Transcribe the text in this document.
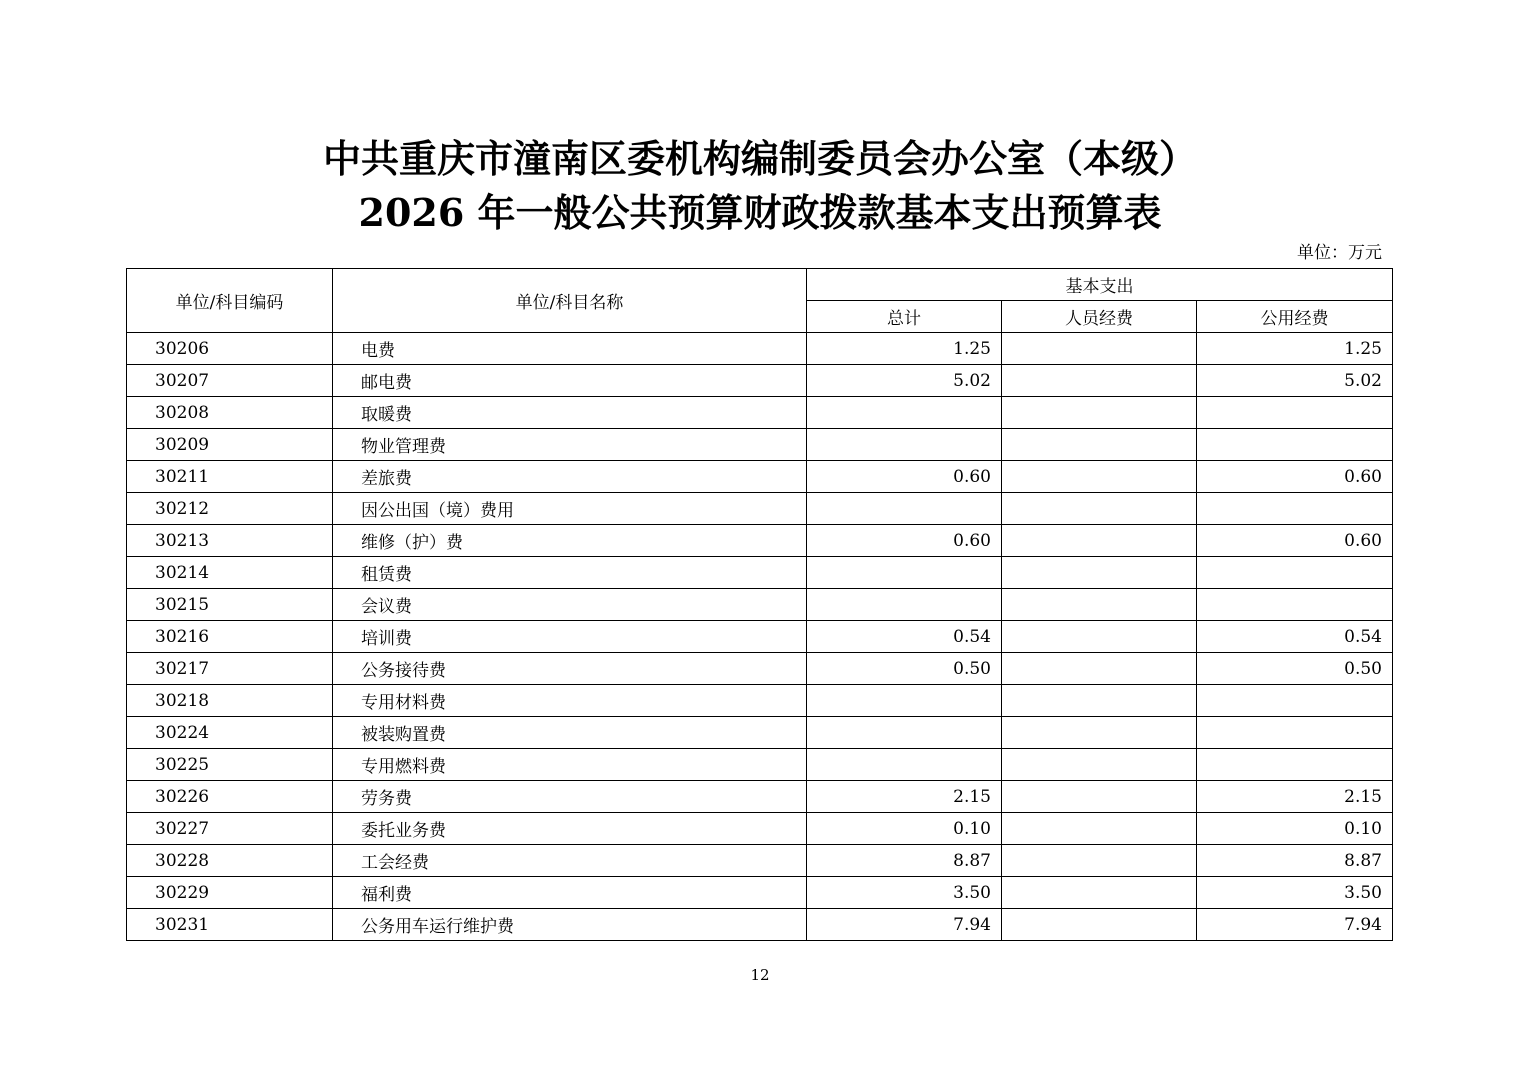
中共重庆市潼南区委机构编制委员会办公室（本级）
2026 年一般公共预算财政拨款基本支出预算表
单位：万元
单位/科目编码	单位/科目名称	基本支出		
		总计	人员经费	公用经费
30206	电费	1.25		1.25
30207	邮电费	5.02		5.02
30208	取暖费			
30209	物业管理费			
30211	差旅费	0.60		0.60
30212	因公出国（境）费用			
30213	维修（护）费	0.60		0.60
30214	租赁费			
30215	会议费			
30216	培训费	0.54		0.54
30217	公务接待费	0.50		0.50
30218	专用材料费			
30224	被装购置费			
30225	专用燃料费			
30226	劳务费	2.15		2.15
30227	委托业务费	0.10		0.10
30228	工会经费	8.87		8.87
30229	福利费	3.50		3.50
30231	公务用车运行维护费	7.94		7.94
12
